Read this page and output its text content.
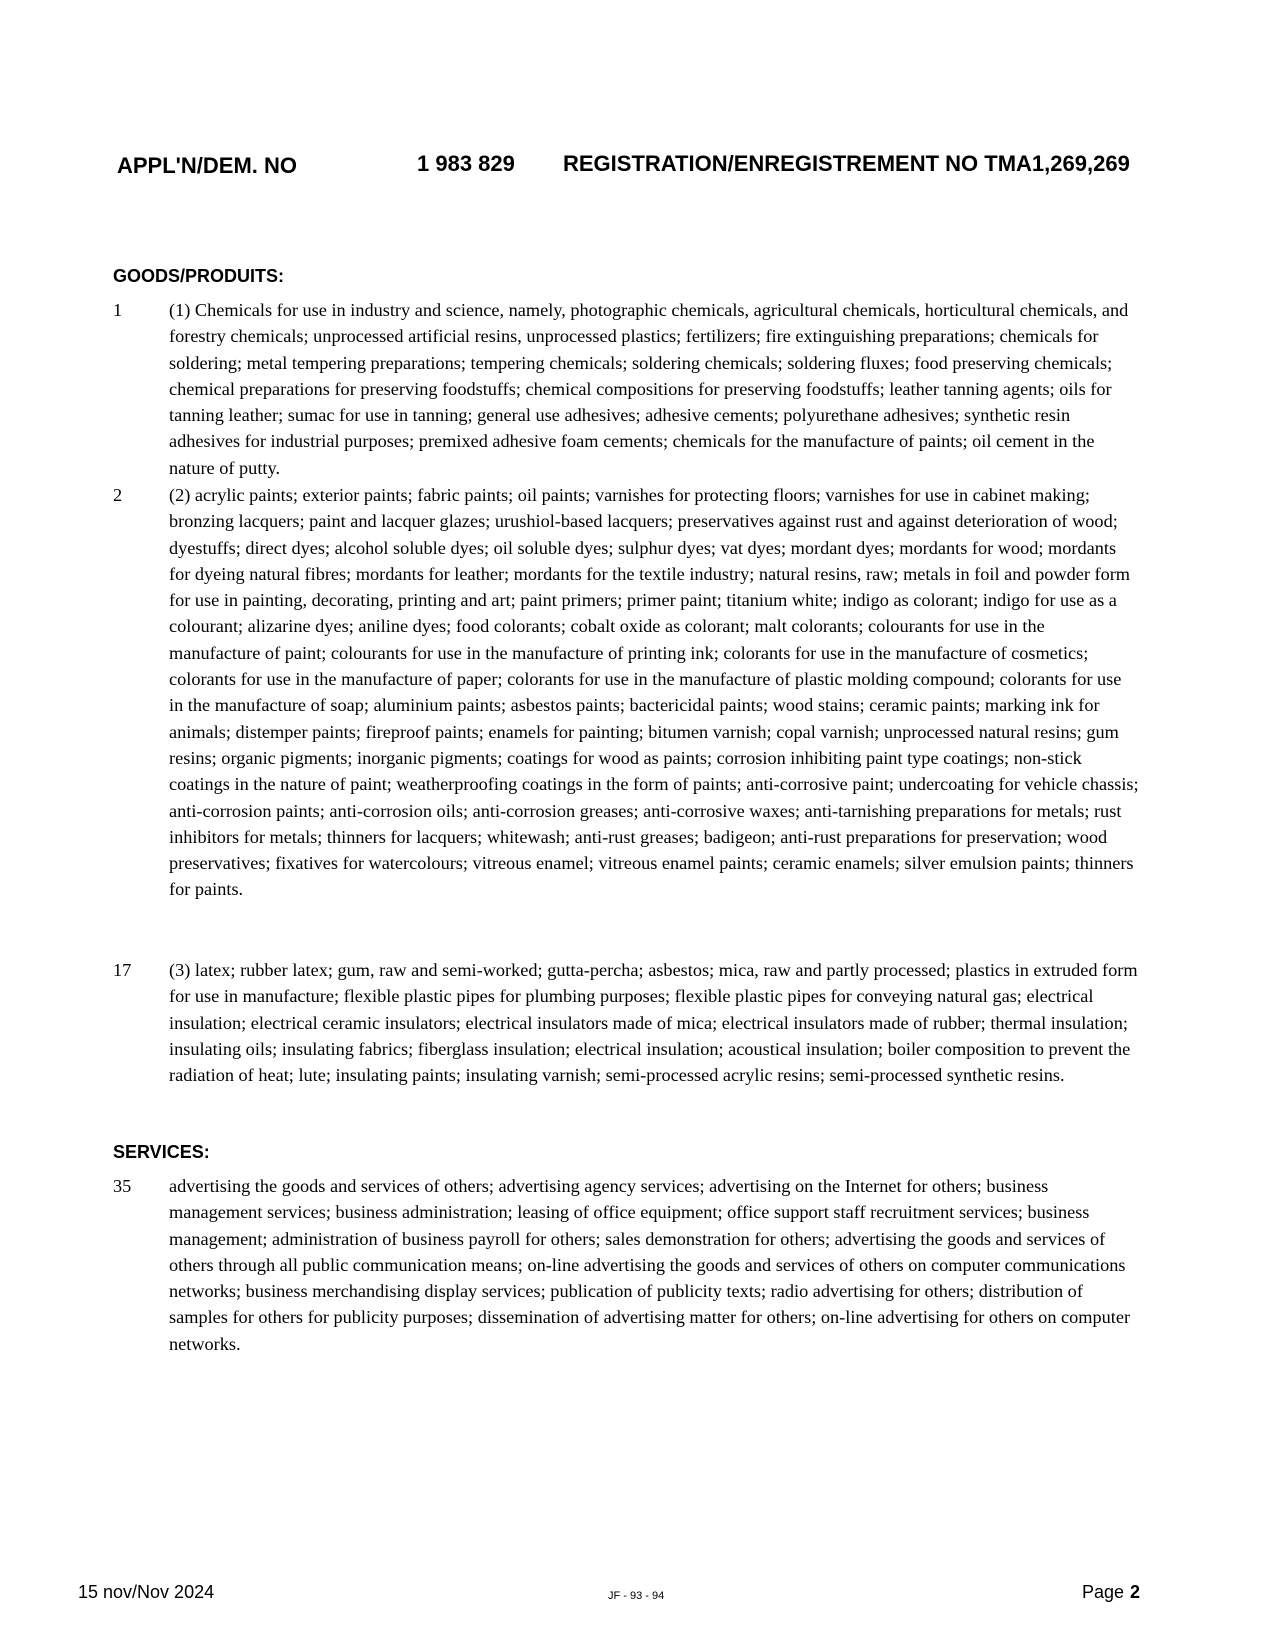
APPL'N/DEM. NO	1 983 829 REGISTRATION/ENREGISTREMENT NO TMA1,269,269
GOODS/PRODUITS:
1	(1) Chemicals for use in industry and science, namely, photographic chemicals, agricultural chemicals, horticultural chemicals, and forestry chemicals; unprocessed artificial resins, unprocessed plastics; fertilizers; fire extinguishing preparations; chemicals for soldering; metal tempering preparations; tempering chemicals; soldering chemicals; soldering fluxes; food preserving chemicals; chemical preparations for preserving foodstuffs; chemical compositions for preserving foodstuffs; leather tanning agents; oils for tanning leather; sumac for use in tanning; general use adhesives; adhesive cements; polyurethane adhesives; synthetic resin adhesives for industrial purposes; premixed adhesive foam cements; chemicals for the manufacture of paints; oil cement in the nature of putty.
2	(2) acrylic paints; exterior paints; fabric paints; oil paints; varnishes for protecting floors; varnishes for use in cabinet making; bronzing lacquers; paint and lacquer glazes; urushiol-based lacquers; preservatives against rust and against deterioration of wood; dyestuffs; direct dyes; alcohol soluble dyes; oil soluble dyes; sulphur dyes; vat dyes; mordant dyes; mordants for wood; mordants for dyeing natural fibres; mordants for leather; mordants for the textile industry; natural resins, raw; metals in foil and powder form for use in painting, decorating, printing and art; paint primers; primer paint; titanium white; indigo as colorant; indigo for use as a colourant; alizarine dyes; aniline dyes; food colorants; cobalt oxide as colorant; malt colorants; colourants for use in the manufacture of paint; colourants for use in the manufacture of printing ink; colorants for use in the manufacture of cosmetics; colorants for use in the manufacture of paper; colorants for use in the manufacture of plastic molding compound; colorants for use in the manufacture of soap; aluminium paints; asbestos paints; bactericidal paints; wood stains; ceramic paints; marking ink for animals; distemper paints; fireproof paints; enamels for painting; bitumen varnish; copal varnish; unprocessed natural resins; gum resins; organic pigments; inorganic pigments; coatings for wood as paints; corrosion inhibiting paint type coatings; non-stick coatings in the nature of paint; weatherproofing coatings in the form of paints; anti-corrosive paint; undercoating for vehicle chassis; anti-corrosion paints; anti-corrosion oils; anti-corrosion greases; anti-corrosive waxes; anti-tarnishing preparations for metals; rust inhibitors for metals; thinners for lacquers; whitewash; anti-rust greases; badigeon; anti-rust preparations for preservation; wood preservatives; fixatives for watercolours; vitreous enamel; vitreous enamel paints; ceramic enamels; silver emulsion paints; thinners for paints.
17 (3) latex; rubber latex; gum, raw and semi-worked; gutta-percha; asbestos; mica, raw and partly processed; plastics in extruded form for use in manufacture; flexible plastic pipes for plumbing purposes; flexible plastic pipes for conveying natural gas; electrical insulation; electrical ceramic insulators; electrical insulators made of mica; electrical insulators made of rubber; thermal insulation; insulating oils; insulating fabrics; fiberglass insulation; electrical insulation; acoustical insulation; boiler composition to prevent the radiation of heat; lute; insulating paints; insulating varnish; semi-processed acrylic resins; semi-processed synthetic resins.
SERVICES:
35 advertising the goods and services of others; advertising agency services; advertising on the Internet for others; business management services; business administration; leasing of office equipment; office support staff recruitment services; business management; administration of business payroll for others; sales demonstration for others; advertising the goods and services of others through all public communication means; on-line advertising the goods and services of others on computer communications networks; business merchandising display services; publication of publicity texts; radio advertising for others; distribution of samples for others for publicity purposes; dissemination of advertising matter for others; on-line advertising for others on computer networks.
15 nov/Nov 2024	JF - 93 - 94	Page 2
